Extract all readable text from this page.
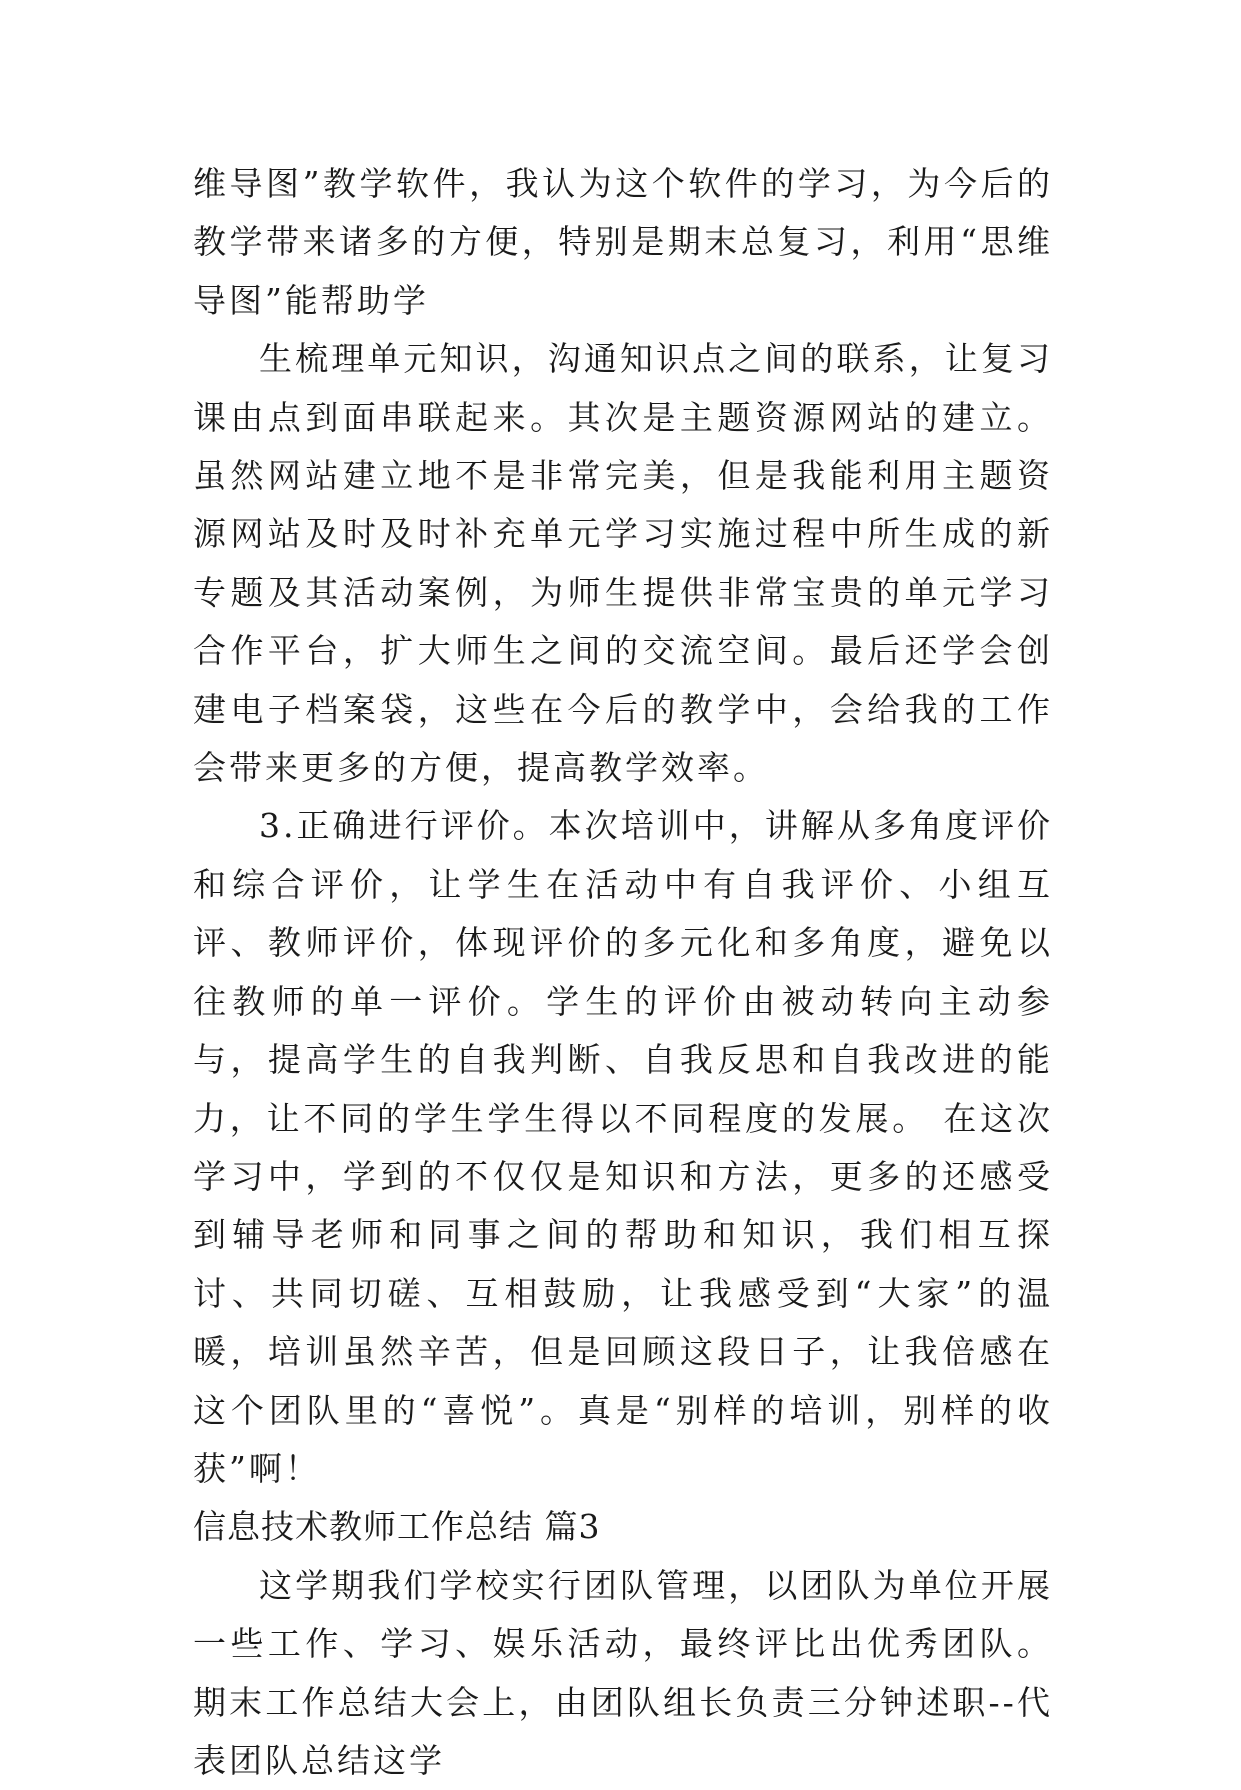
维导图”教学软件，我认为这个软件的学习，为今后的教学带来诸多的方便，特别是期末总复习，利用“思维导图”能帮助学

生梳理单元知识，沟通知识点之间的联系，让复习课由点到面串联起来。其次是主题资源网站的建立。虽然网站建立地不是非常完美，但是我能利用主题资源网站及时及时补充单元学习实施过程中所生成的新专题及其活动案例，为师生提供非常宝贵的单元学习合作平台，扩大师生之间的交流空间。最后还学会创建电子档案袋，这些在今后的教学中，会给我的工作会带来更多的方便，提高教学效率。

3.正确进行评价。本次培训中，讲解从多角度评价和综合评价，让学生在活动中有自我评价、小组互评、教师评价，体现评价的多元化和多角度，避免以往教师的单一评价。学生的评价由被动转向主动参与，提高学生的自我判断、自我反思和自我改进的能力，让不同的学生学生得以不同程度的发展。 在这次学习中，学到的不仅仅是知识和方法，更多的还感受到辅导老师和同事之间的帮助和知识，我们相互探讨、共同切磋、互相鼓励，让我感受到“大家”的温暖，培训虽然辛苦，但是回顾这段日子，让我倍感在这个团队里的“喜悦”。真是“别样的培训，别样的收获”啊！

信息技术教师工作总结 篇3

这学期我们学校实行团队管理，以团队为单位开展一些工作、学习、娱乐活动，最终评比出优秀团队。期末工作总结大会上，由团队组长负责三分钟述职--代表团队总结这学
